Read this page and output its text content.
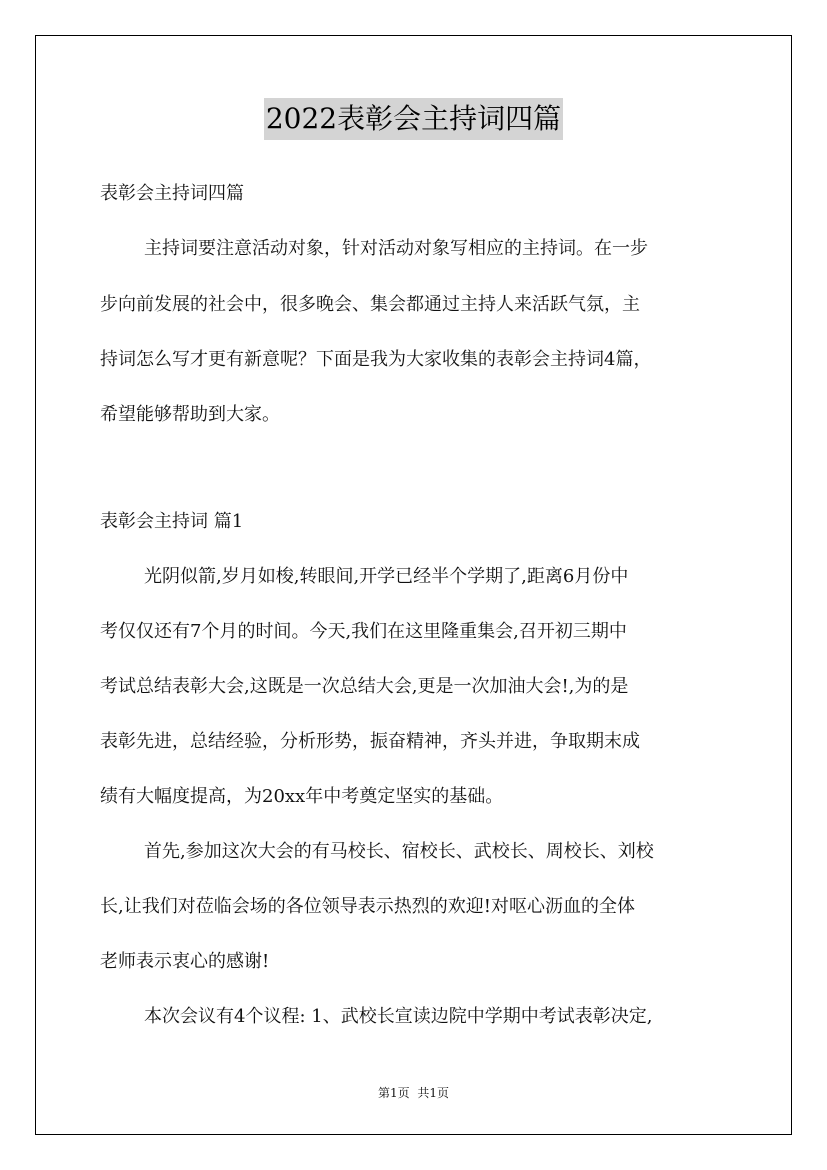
2022表彰会主持词四篇
表彰会主持词四篇
主持词要注意活动对象，针对活动对象写相应的主持词。在一步
步向前发展的社会中，很多晚会、集会都通过主持人来活跃气氛，主
持词怎么写才更有新意呢？下面是我为大家收集的表彰会主持词4篇，
希望能够帮助到大家。
表彰会主持词 篇1
光阴似箭,岁月如梭,转眼间,开学已经半个学期了,距离6月份中
考仅仅还有7个月的时间。今天,我们在这里隆重集会,召开初三期中
考试总结表彰大会,这既是一次总结大会,更是一次加油大会!,为的是
表彰先进，总结经验，分析形势，振奋精神，齐头并进，争取期末成
绩有大幅度提高，为20xx年中考奠定坚实的基础。
首先,参加这次大会的有马校长、宿校长、武校长、周校长、刘校
长,让我们对莅临会场的各位领导表示热烈的欢迎!对呕心沥血的全体
老师表示衷心的感谢!
本次会议有4个议程: 1、武校长宣读边院中学期中考试表彰决定,
第1页 共1页
